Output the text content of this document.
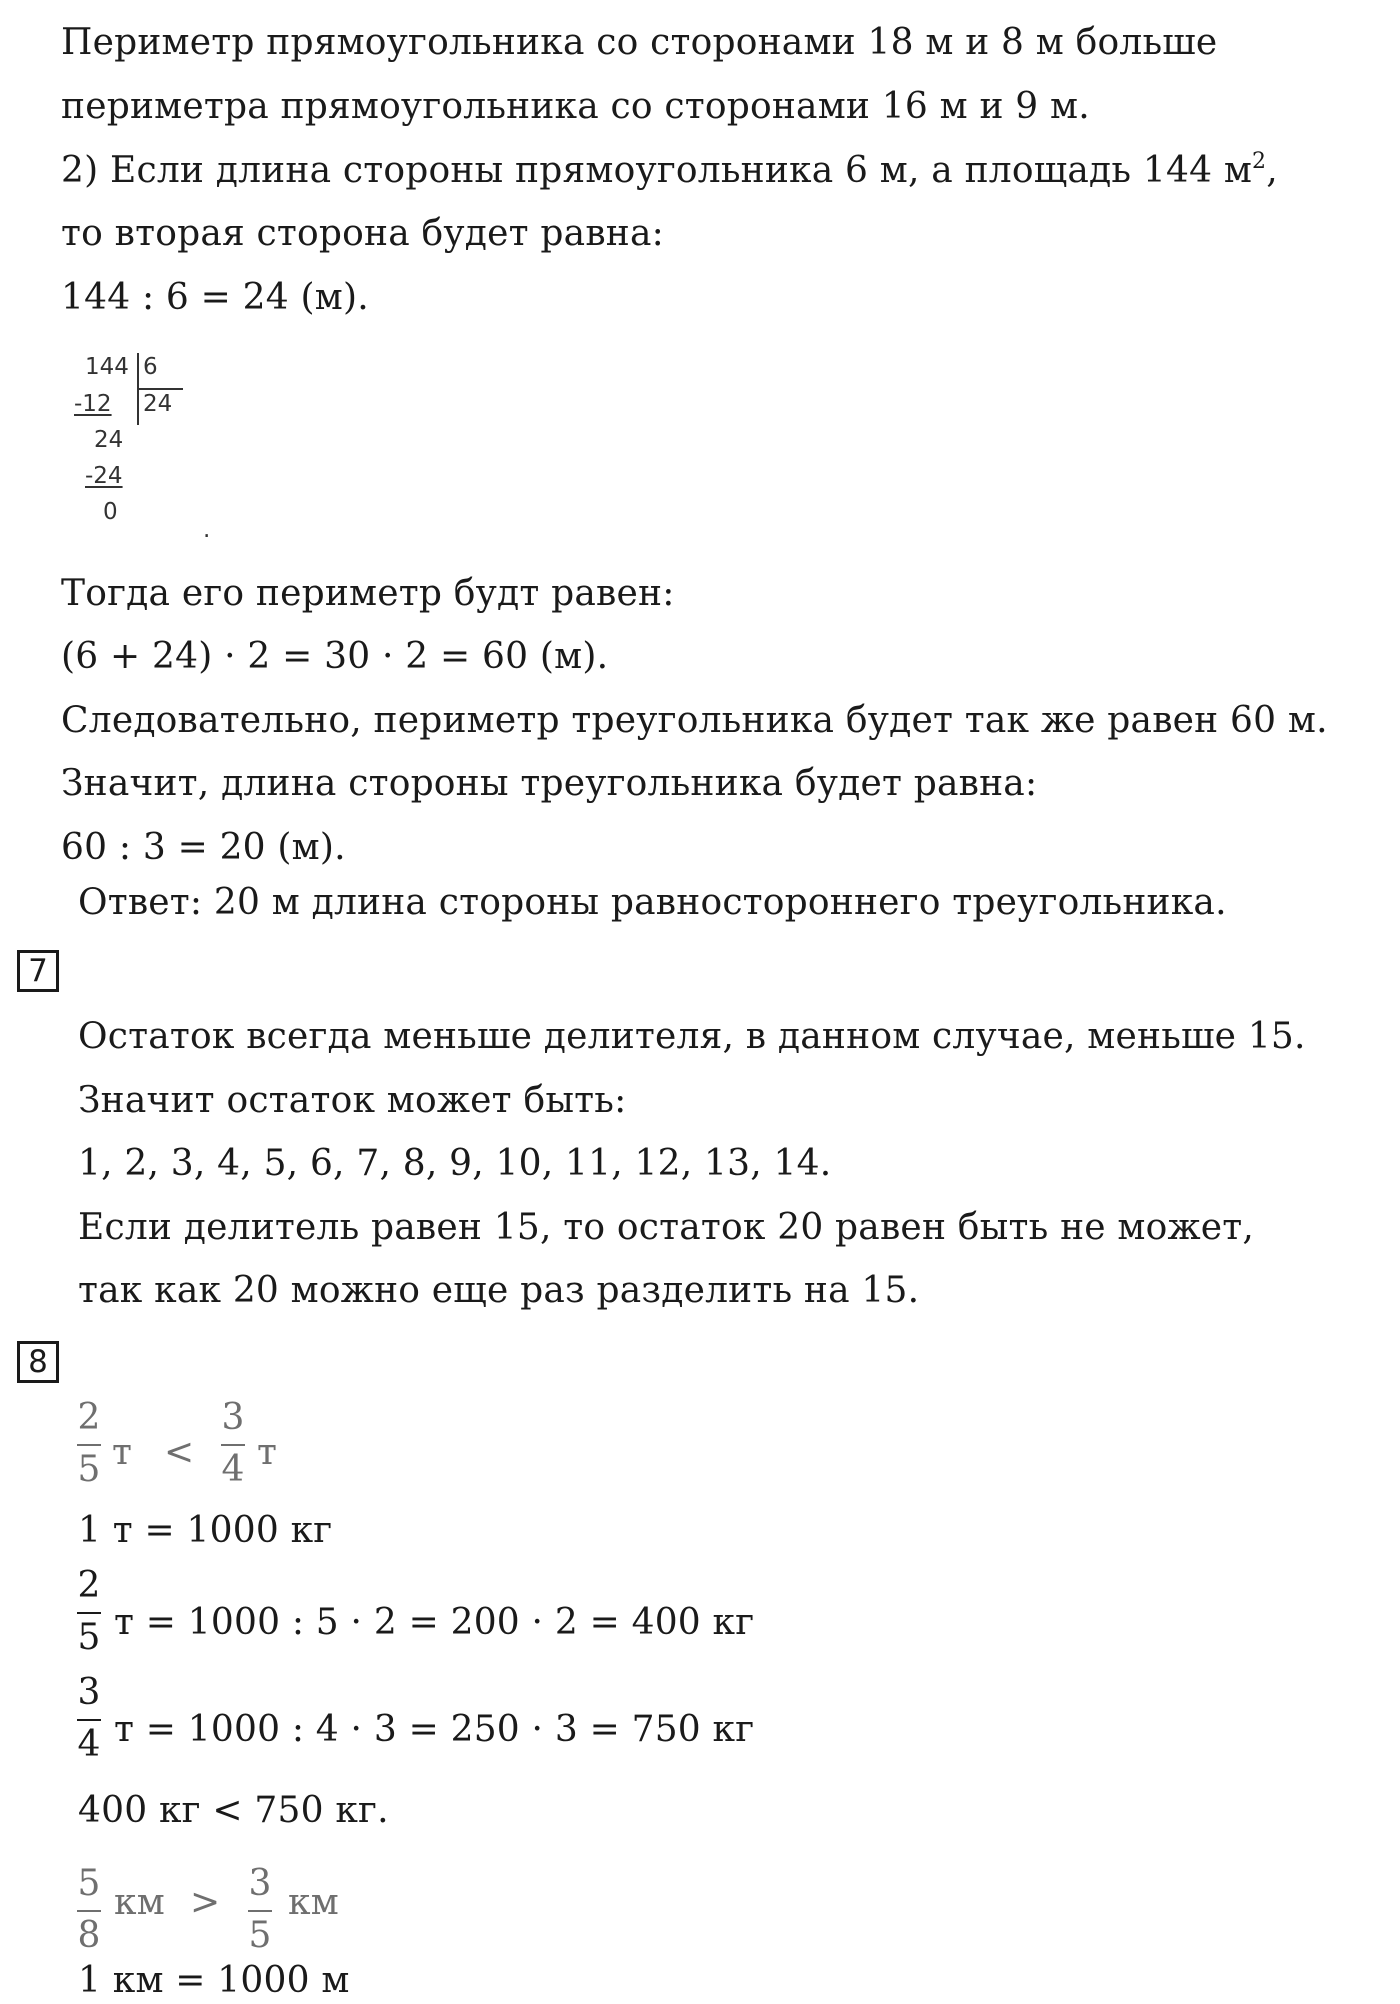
Периметр прямоугольника со сторонами 18 м и 8 м больше
периметра прямоугольника со сторонами 16 м и 9 м.
2) Если длина стороны прямоугольника 6 м, а площадь 144 $м^2$,
то вторая сторона будет равна:
144 : 6 = 24 (м).
144 6
-12 24
24
-24
0
.
Тогда его периметр будт равен:
(6 + 24) · 2 = 30 · 2 = 60 (м).
Следовательно, периметр треугольника будет так же равен 60 м.
Значит, длина стороны треугольника будет равна:
60 : 3 = 20 (м).
Ответ: 20 м длина стороны равностороннего треугольника.
7
Остаток всегда меньше делителя, в данном случае, меньше 15.
Значит остаток может быть:
1, 2, 3, 4, 5, 6, 7, 8, 9, 10, 11, 12, 13, 14.
Если делитель равен 15, то остаток 20 равен быть не может,
так как 20 можно еще раз разделить на 15.
8
2
5 т <
3
4 т
1 т = 1000 кг
2
5 т = 1000 : 5 · 2 = 200 · 2 = 400 кг
3
4 т = 1000 : 4 · 3 = 250 · 3 = 750 кг
400 кг < 750 кг.
5
8
км > 3
5
км
1 км = 1000 м
